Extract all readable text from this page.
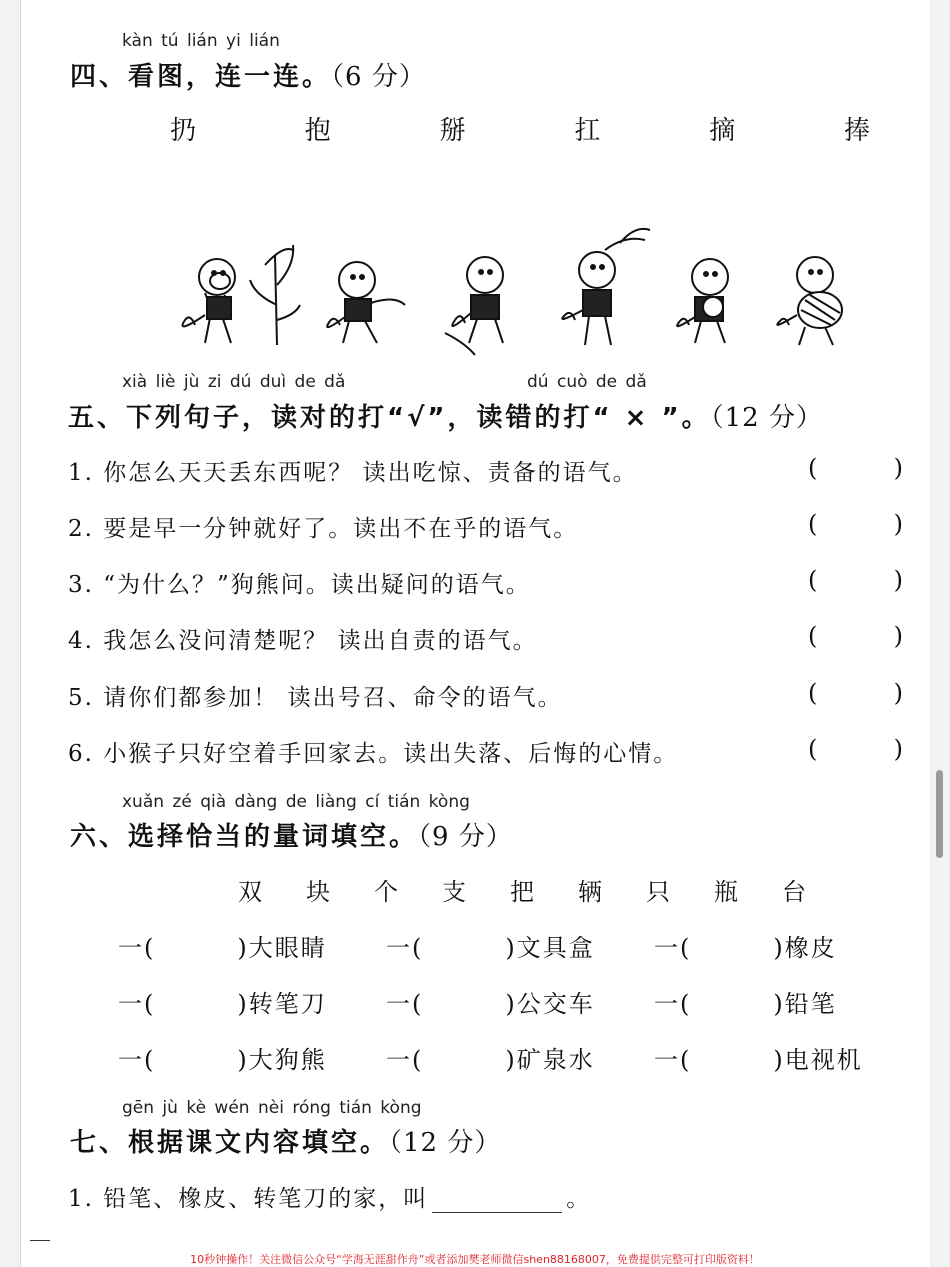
kàn tú lián yi lián
四、看图，连一连。（6 分）
扔	抱	掰	扛	摘	捧
xià liè jù zi dú duì de dǎ	dú cuò de dǎ
五、下列句子，读对的打“√”，读错的打“ × ”。（12 分）
1. 你怎么天天丢东西呢？ 读出吃惊、责备的语气。	(	)
2. 要是早一分钟就好了。读出不在乎的语气。	(	)
3. “为什么？”狗熊问。读出疑问的语气。	(	)
4. 我怎么没问清楚呢？ 读出自责的语气。	(	)
5. 请你们都参加！ 读出号召、命令的语气。	(	)
6. 小猴子只好空着手回家去。读出失落、后悔的心情。	(	)
xuǎn zé qià dàng de liàng cí tián kòng
六、选择恰当的量词填空。（9 分）
双	块	个	支	把	辆	只	瓶	台
一(	)大眼睛 一(	)文具盒 一(	)橡皮
一(	)转笔刀 一(	)公交车 一(	)铅笔
一(	)大狗熊 一(	)矿泉水 一(	)电视机
gēn jù kè wén nèi róng tián kòng
七、根据课文内容填空。（12 分）
1. 铅笔、橡皮、转笔刀的家，叫	。
10秒钟操作！关注微信公众号“学海无涯甜作舟”或者添加樊老师微信shen88168007，免费提供完整可打印版资料！
